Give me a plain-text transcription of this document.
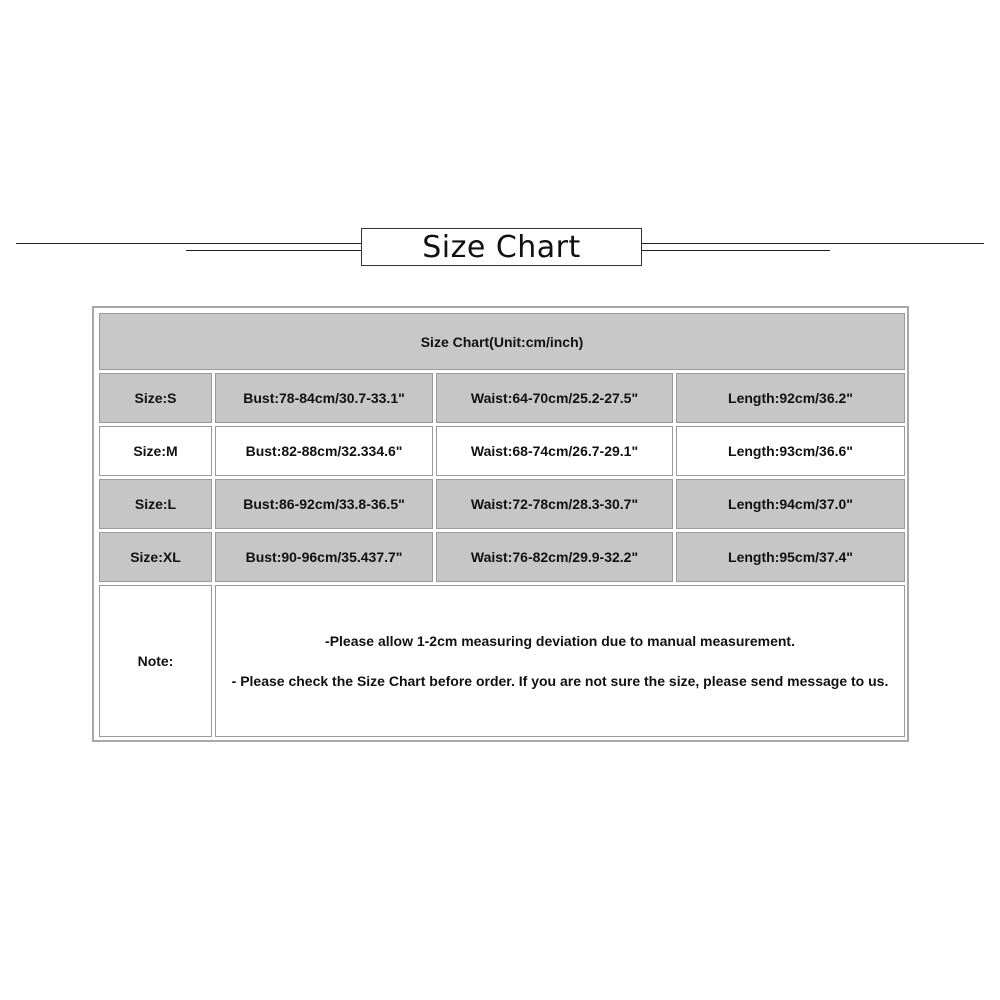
Size Chart
Size Chart(Unit:cm/inch)			
Size:S	Bust:78-84cm/30.7-33.1"	Waist:64-70cm/25.2-27.5"	Length:92cm/36.2"
Size:M	Bust:82-88cm/32.334.6"	Waist:68-74cm/26.7-29.1"	Length:93cm/36.6"
Size:L	Bust:86-92cm/33.8-36.5"	Waist:72-78cm/28.3-30.7"	Length:94cm/37.0"
Size:XL	Bust:90-96cm/35.437.7"	Waist:76-82cm/29.9-32.2"	Length:95cm/37.4"
Note:	-Please allow 1-2cm measuring deviation due to manual measurement.

- Please check the Size Chart before order. If you are not sure the size, please send message to us.		
